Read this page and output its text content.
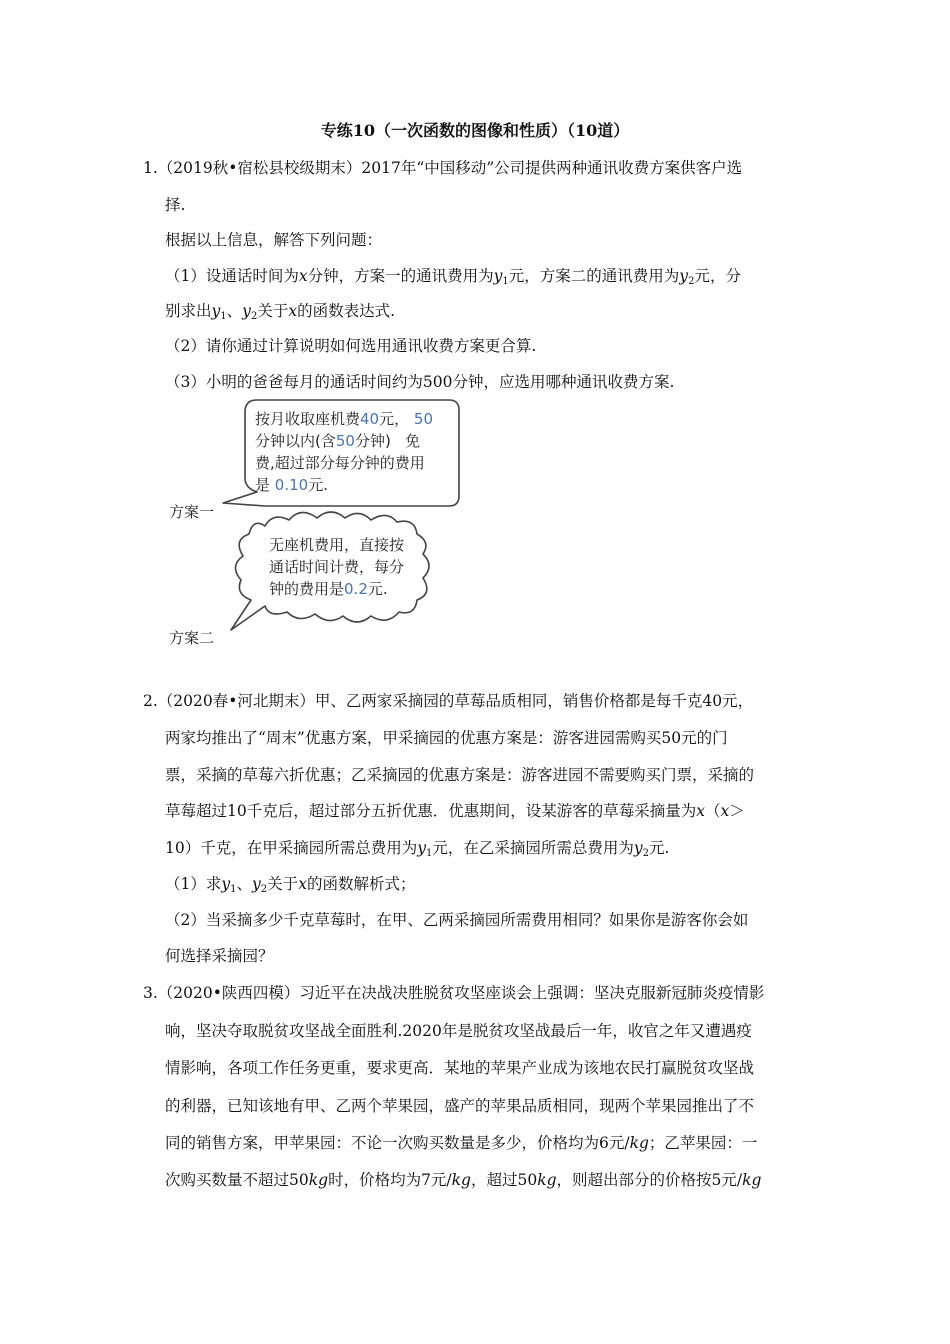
专练10（一次函数的图像和性质）（10道）
1.（2019秋•宿松县校级期末）2017年“中国移动”公司提供两种通讯收费方案供客户选
择.
根据以上信息，解答下列问题：
（1）设通话时间为x分钟，方案一的通讯费用为$y_1$元，方案二的通讯费用为$y_2$元，分
别求出$y_1$、$y_2$关于x的函数表达式.
（2）请你通过计算说明如何选用通讯收费方案更合算.
（3）小明的爸爸每月的通话时间约为500分钟，应选用哪种通讯收费方案.
按月收取座机费40元， 50
分钟以内(含50分钟) 免
费,超过部分每分钟的费用
是 0.10元.
方案一
无座机费用，直接按
通话时间计费，每分
钟的费用是0.2元.
方案二
2.（2020春•河北期末）甲、乙两家采摘园的草莓品质相同，销售价格都是每千克40元，
两家均推出了“周末”优惠方案，甲采摘园的优惠方案是：游客进园需购买50元的门
票，采摘的草莓六折优惠；乙采摘园的优惠方案是：游客进园不需要购买门票，采摘的
草莓超过10千克后，超过部分五折优惠．优惠期间，设某游客的草莓采摘量为x（x＞
10）千克，在甲采摘园所需总费用为$y_1$元，在乙采摘园所需总费用为$y_2$元.
（1）求$y_1$、$y_2$关于x的函数解析式；
（2）当采摘多少千克草莓时，在甲、乙两采摘园所需费用相同？如果你是游客你会如
何选择采摘园？
3.（2020•陕西四模）习近平在决战决胜脱贫攻坚座谈会上强调：坚决克服新冠肺炎疫情影
响，坚决夺取脱贫攻坚战全面胜利.2020年是脱贫攻坚战最后一年，收官之年又遭遇疫
情影响，各项工作任务更重，要求更高．某地的苹果产业成为该地农民打赢脱贫攻坚战
的利器，已知该地有甲、乙两个苹果园，盛产的苹果品质相同，现两个苹果园推出了不
同的销售方案，甲苹果园：不论一次购买数量是多少，价格均为6元/kg；乙苹果园：一
次购买数量不超过50kg时，价格均为7元/kg，超过50kg，则超出部分的价格按5元/kg
